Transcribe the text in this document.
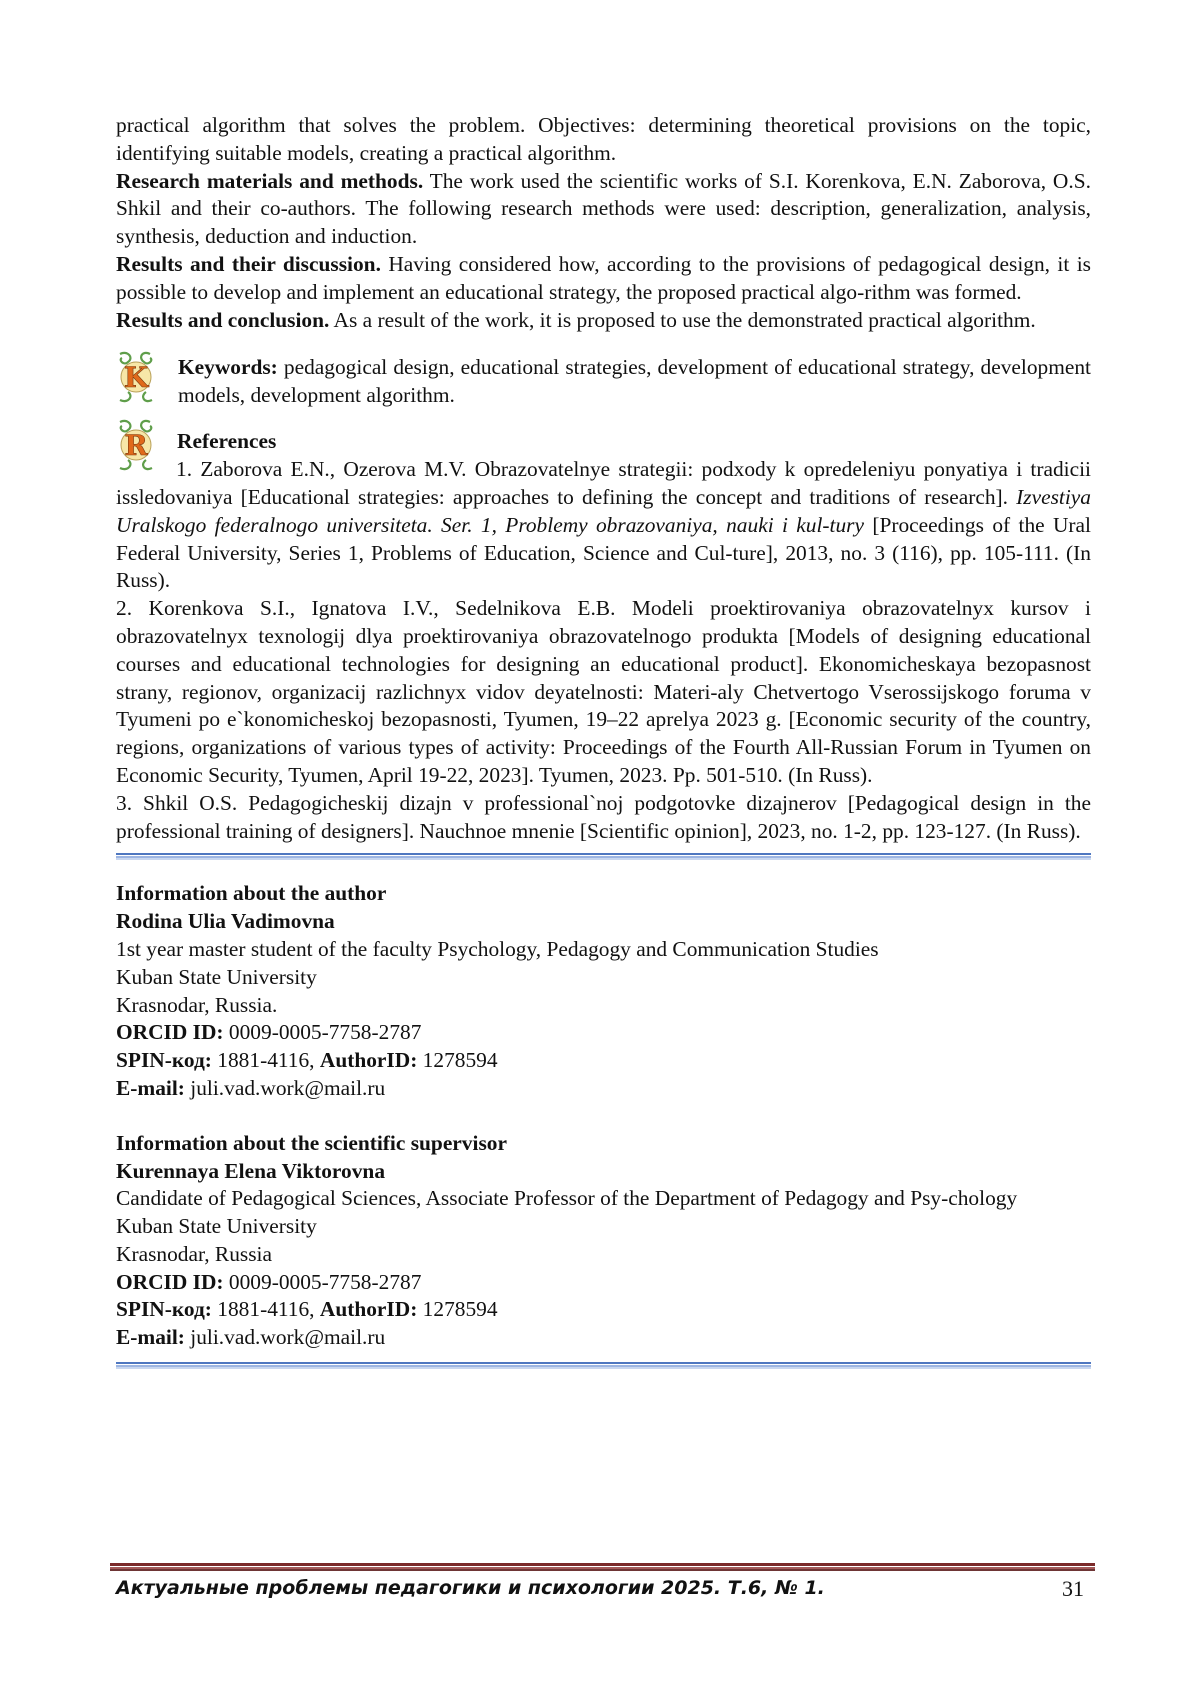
practical algorithm that solves the problem. Objectives: determining theoretical provisions on the topic, identifying suitable models, creating a practical algorithm.

Research materials and methods. The work used the scientific works of S.I. Korenkova, E.N. Zaborova, O.S. Shkil and their co-authors. The following research methods were used: description, generalization, analysis, synthesis, deduction and induction.

Results and their discussion. Having considered how, according to the provisions of pedagogical design, it is possible to develop and implement an educational strategy, the proposed practical algo-rithm was formed.

Results and conclusion. As a result of the work, it is proposed to use the demonstrated practical algorithm.

K Keywords: pedagogical design, educational strategies, development of educational strategy, development models, development algorithm.

R	References

1. Zaborova E.N., Ozerova M.V. Obrazovatelnye strategii: podxody k opredeleniyu ponyatiya i tradicii issledovaniya [Educational strategies: approaches to defining the concept and traditions of research]. Izvestiya Uralskogo federalnogo universiteta. Ser. 1, Problemy obrazovaniya, nauki i kul-tury [Proceedings of the Ural Federal University, Series 1, Problems of Education, Science and Cul-ture], 2013, no. 3 (116), pp. 105-111. (In Russ).

2. Korenkova S.I., Ignatova I.V., Sedelnikova E.B. Modeli proektirovaniya obrazovatelnyx kursov i obrazovatelnyx texnologij dlya proektirovaniya obrazovatelnogo produkta [Models of designing educational courses and educational technologies for designing an educational product]. Ekonomicheskaya bezopasnost strany, regionov, organizacij razlichnyx vidov deyatelnosti: Materi-aly Chetvertogo Vserossijskogo foruma v Tyumeni po e`konomicheskoj bezopasnosti, Tyumen, 19–22 aprelya 2023 g. [Economic security of the country, regions, organizations of various types of activity: Proceedings of the Fourth All-Russian Forum in Tyumen on Economic Security, Tyumen, April 19-22, 2023]. Tyumen, 2023. Pp. 501-510. (In Russ).

3. Shkil O.S. Pedagogicheskij dizajn v professional`noj podgotovke dizajnerov [Pedagogical design in the professional training of designers]. Nauchnoe mnenie [Scientific opinion], 2023, no. 1-2, pp. 123-127. (In Russ).

Information about the author

Rodina Ulia Vadimovna

1st year master student of the faculty Psychology, Pedagogy and Communication Studies

Kuban State University

Krasnodar, Russia.

ORCID ID: 0009-0005-7758-2787

SPIN-код: 1881-4116, AuthorID: 1278594

E-mail: juli.vad.work@mail.ru

Information about the scientific supervisor

Kurennaya Elena Viktorovna

Candidate of Pedagogical Sciences, Associate Professor of the Department of Pedagogy and Psy-chology

Kuban State University

Krasnodar, Russia

ORCID ID: 0009-0005-7758-2787

SPIN-код: 1881-4116, AuthorID: 1278594

E-mail: juli.vad.work@mail.ru

Актуальные проблемы педагогики и психологии 2025. Т.6, № 1.	31
